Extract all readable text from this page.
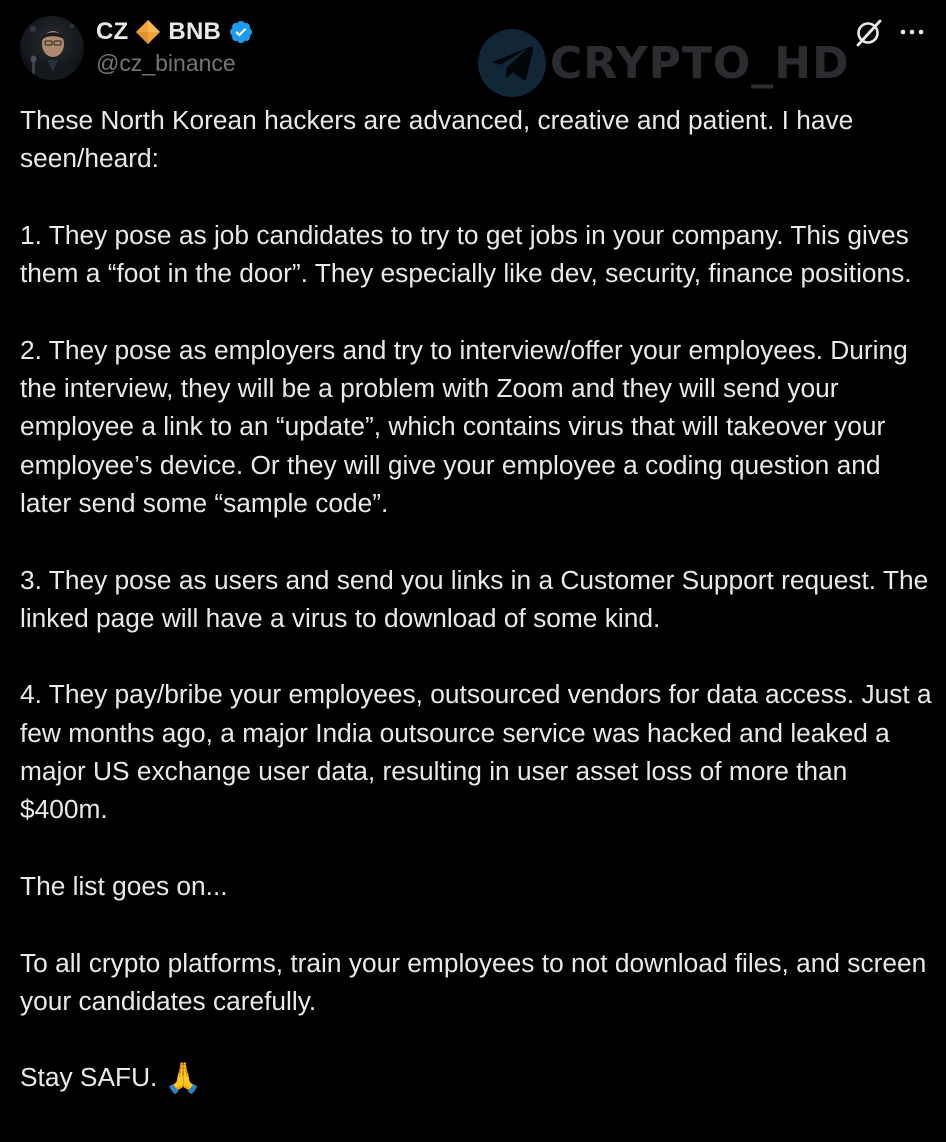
CZ BNB
@cz_binance	CRYPTO_HD

These North Korean hackers are advanced, creative and patient. I have seen/heard:

1. They pose as job candidates to try to get jobs in your company. This gives them a “foot in the door”. They especially like dev, security, finance positions.

2. They pose as employers and try to interview/offer your employees. During the interview, they will be a problem with Zoom and they will send your employee a link to an “update”, which contains virus that will takeover your employee’s device. Or they will give your employee a coding question and later send some “sample code”.

3. They pose as users and send you links in a Customer Support request. The linked page will have a virus to download of some kind.

4. They pay/bribe your employees, outsourced vendors for data access. Just a few months ago, a major India outsource service was hacked and leaked a major US exchange user data, resulting in user asset loss of more than $400m.

The list goes on...

To all crypto platforms, train your employees to not download files, and screen your candidates carefully.

Stay SAFU. 🙏
